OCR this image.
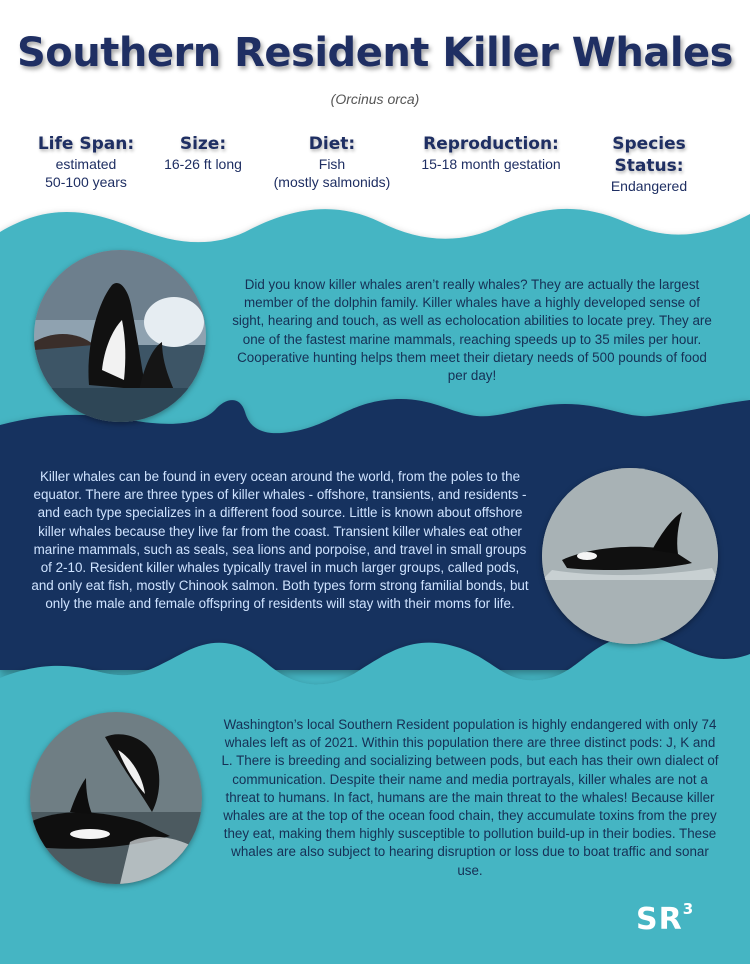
Southern Resident Killer Whales
(Orcinus orca)
Life Span:
estimated
50-100 years
Size:
16-26 ft long
Diet:
Fish
(mostly salmonids)
Reproduction:
15-18 month gestation
Species Status:
Endangered

Did you know killer whales aren’t really whales? They are actually the largest member of the dolphin family. Killer whales have a highly developed sense of sight, hearing and touch, as well as echolocation abilities to locate prey. They are one of the fastest marine mammals, reaching speeds up to 35 miles per hour. Cooperative hunting helps them meet their dietary needs of 500 pounds of food per day!

Killer whales can be found in every ocean around the world, from the poles to the equator. There are three types of killer whales - offshore, transients, and residents - and each type specializes in a different food source. Little is known about offshore killer whales because they live far from the coast. Transient killer whales eat other marine mammals, such as seals, sea lions and porpoise, and travel in small groups of 2-10. Resident killer whales typically travel in much larger groups, called pods, and only eat fish, mostly Chinook salmon. Both types form strong familial bonds, but only the male and female offspring of residents will stay with their moms for life.

Washington’s local Southern Resident population is highly endangered with only 74 whales left as of 2021. Within this population there are three distinct pods: J, K and L. There is breeding and socializing between pods, but each has their own dialect of communication. Despite their name and media portrayals, killer whales are not a threat to humans. In fact, humans are the main threat to the whales! Because killer whales are at the top of the ocean food chain, they accumulate toxins from the prey they eat, making them highly susceptible to pollution build-up in their bodies. These whales are also subject to hearing disruption or loss due to boat traffic and sonar use.

$SR^3$
